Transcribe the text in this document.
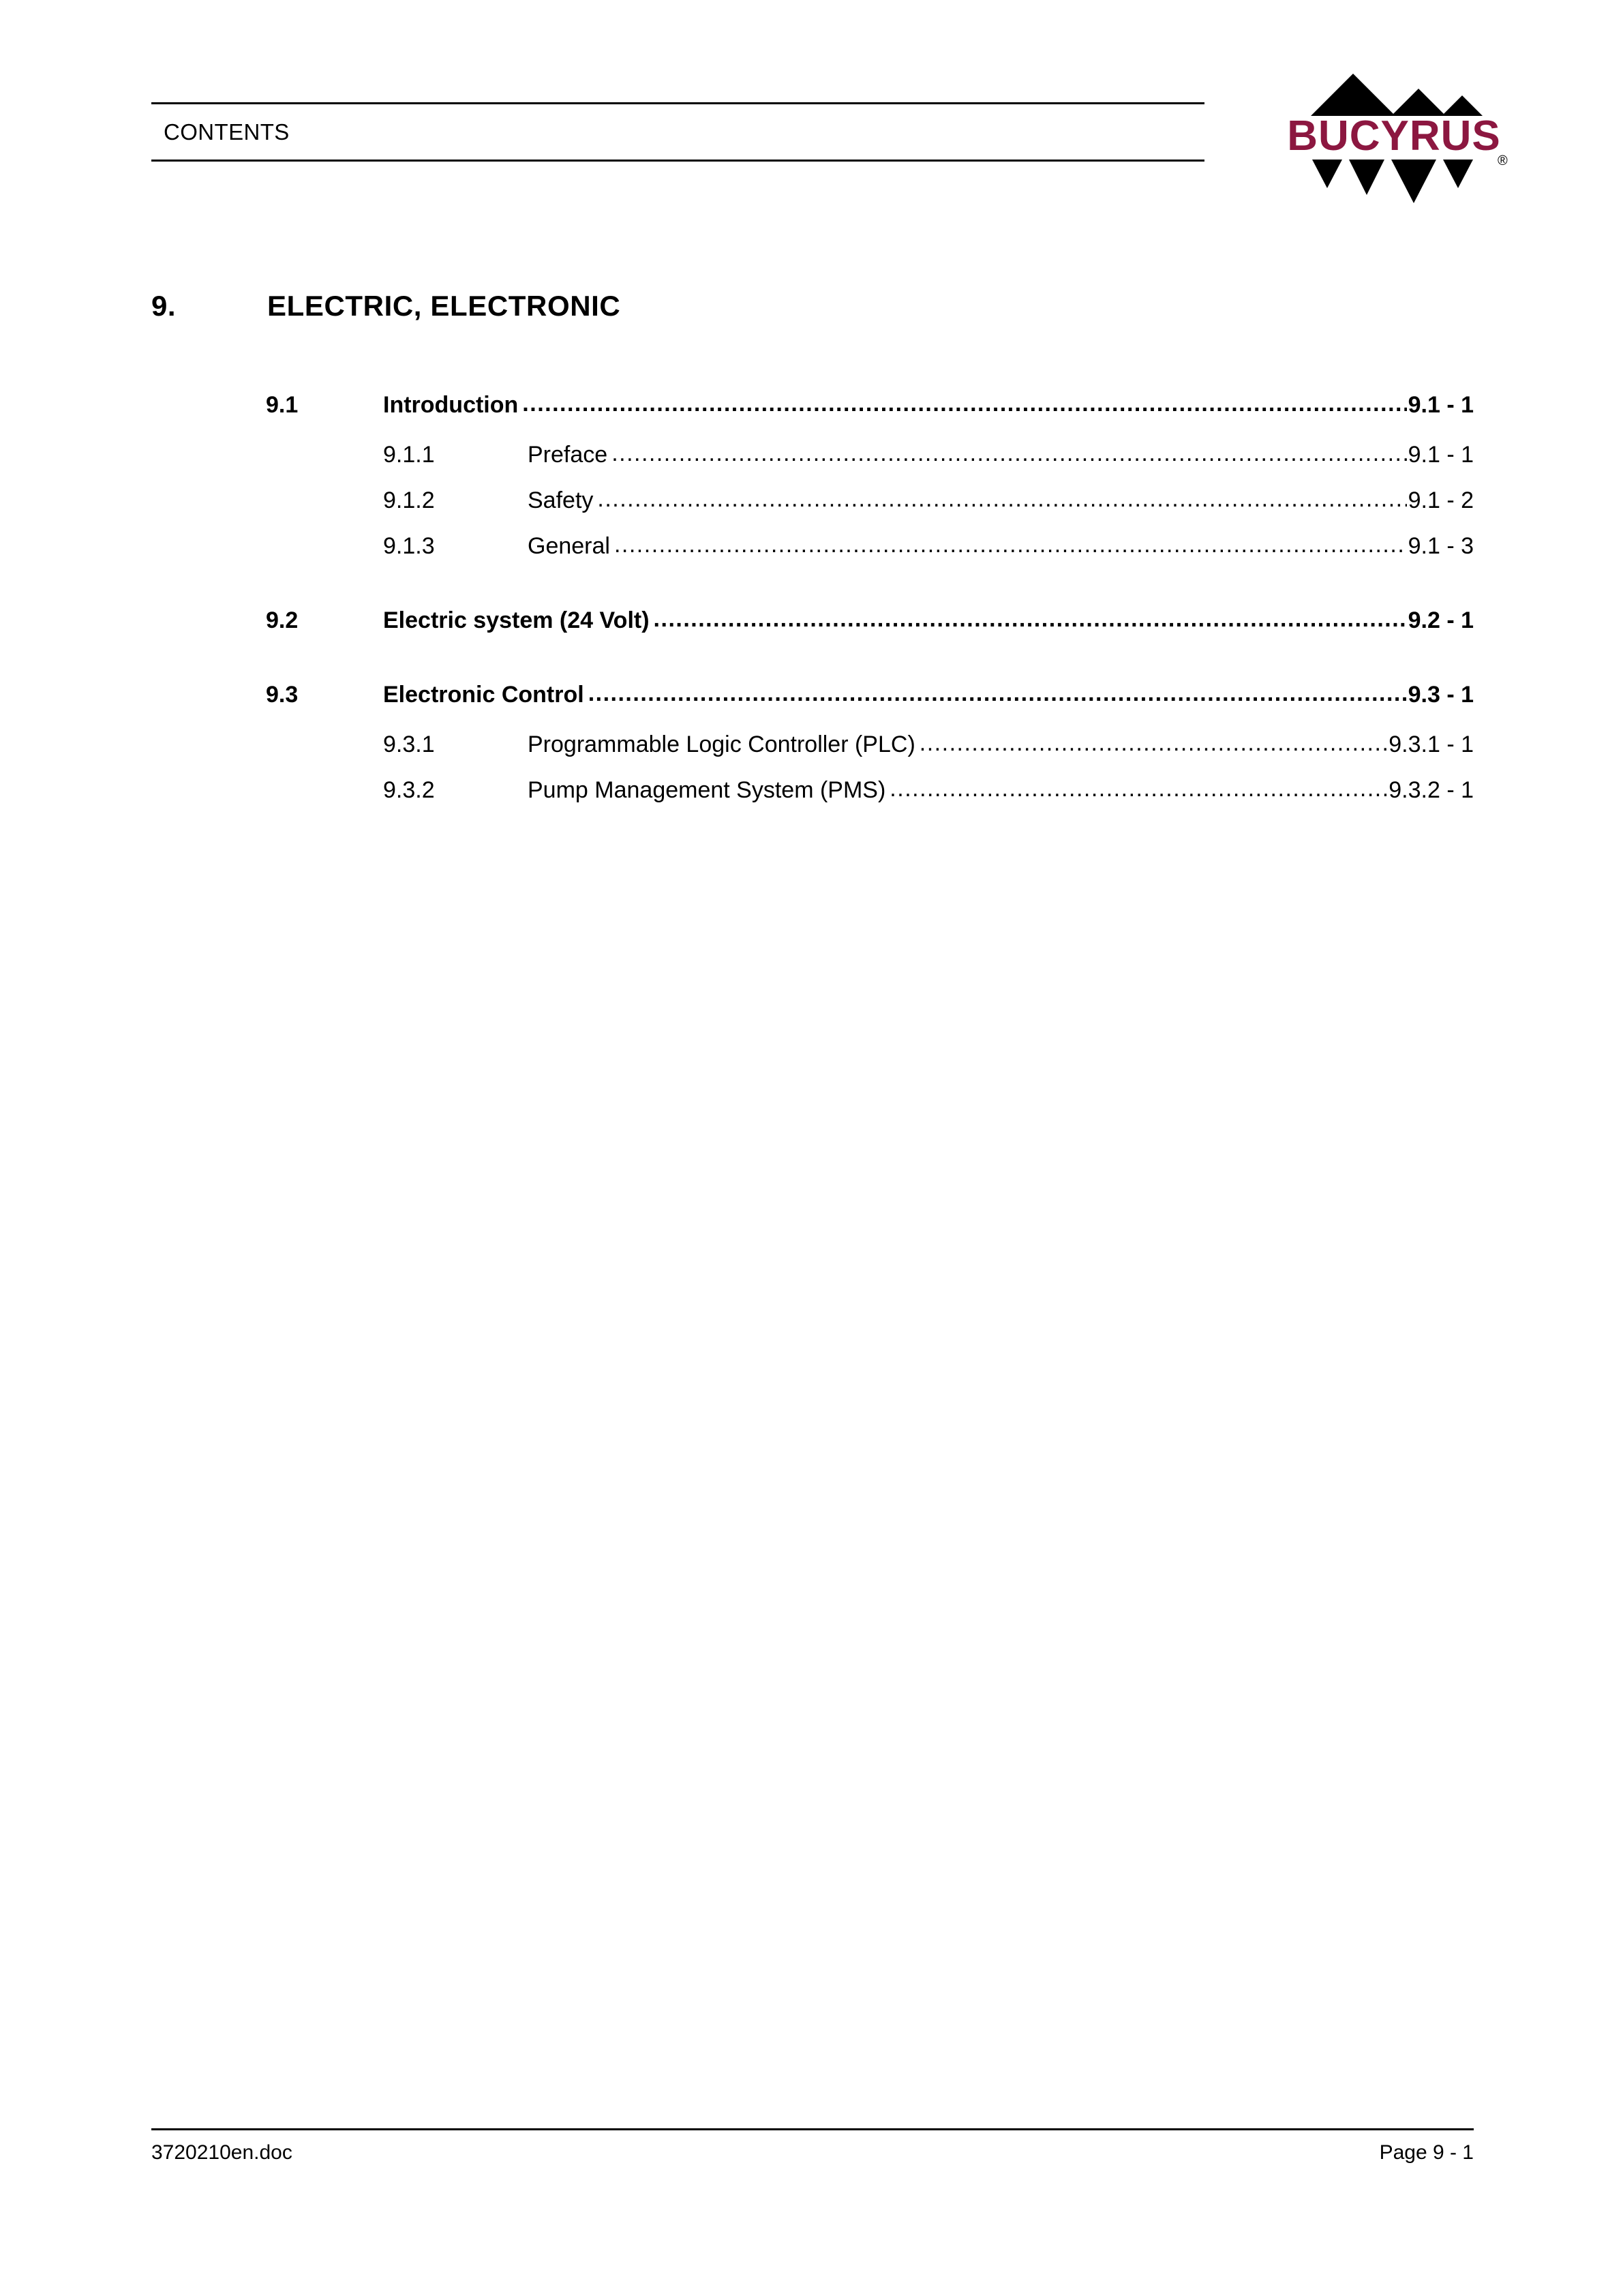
CONTENTS	BUCYRUS
®
9.	ELECTRIC, ELECTRONIC
9.1	Introduction .....	9.1 - 1
9.1.1	Preface .....	9.1 - 1
9.1.2	Safety .....	9.1 - 2
9.1.3	General .....	9.1 - 3
9.2	Electric system (24 Volt) .....	9.2 - 1
9.3	Electronic Control .....	9.3 - 1
9.3.1	Programmable Logic Controller (PLC) .....	9.3.1 - 1
9.3.2	Pump Management System (PMS) .....	9.3.2 - 1
3720210en.doc	Page 9 - 1
